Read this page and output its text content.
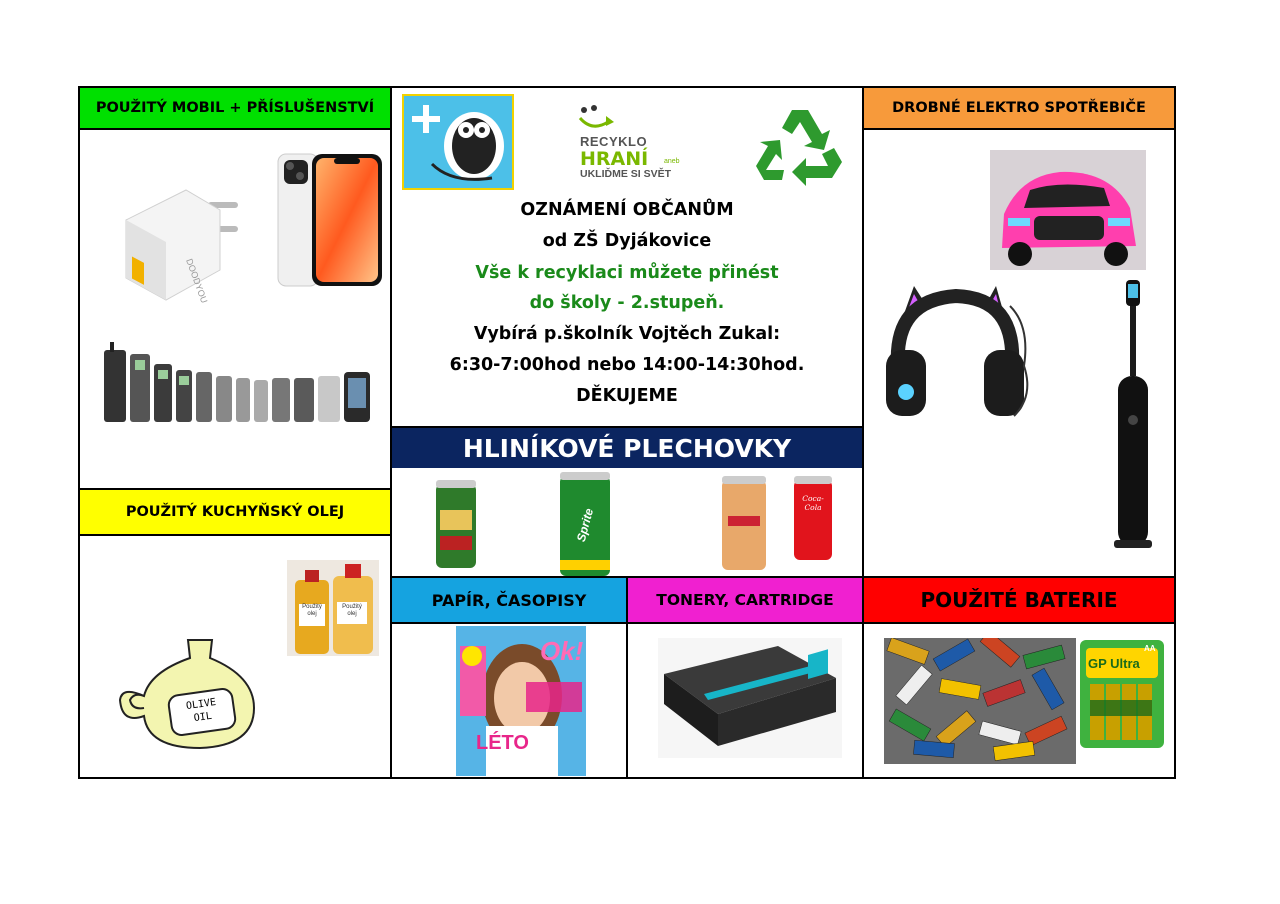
POUŽITÝ MOBIL + PŘÍSLUŠENSTVÍ
DOODYOU
POUŽITÝ KUCHYŇSKÝ OLEJ
Použitý olej
Použitý olej
OLIVE OIL
RECYKLO
HRANÍ aneb
UKLIĎME SI SVĚT
OZNÁMENÍ OBČANŮM
od ZŠ Dyjákovice
Vše k recyklaci můžete přinést
do školy - 2.stupeň.
Vybírá p.školník Vojtěch Zukal:
6:30-7:00hod nebo 14:00-14:30hod.
DĚKUJEME
HLINÍKOVÉ PLECHOVKY
Sprite
Coca-Cola
PAPÍR, ČASOPISY
Ok!
LÉTO
TONERY, CARTRIDGE
DROBNÉ ELEKTRO SPOTŘEBIČE
POUŽITÉ BATERIE
GP Ultra
AA
